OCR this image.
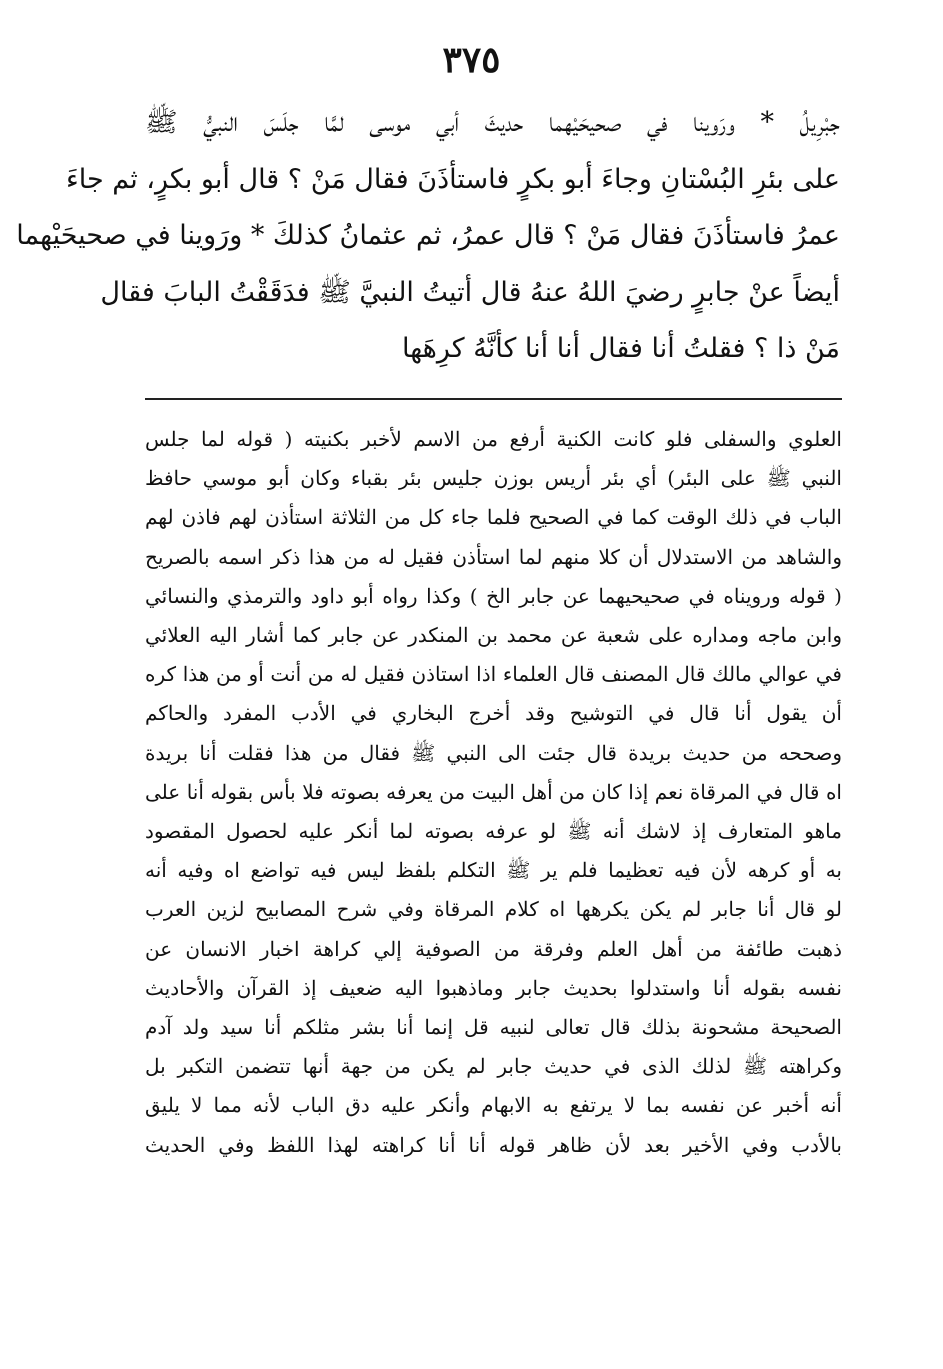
٣٧٥
جبْرِيلُ * ورَوينا في صحيحَيْهما حديثَ أبي موسى لمَّا جلَسَ النبيُّ ﷺ
على بئرِ البُسْتانِ وجاءَ أبو بكرٍ فاستأذَنَ فقال مَنْ ؟ قال أبو بكرٍ، ثم جاءَ
عمرُ فاستأذَنَ فقال مَنْ ؟ قال عمرُ، ثم عثمانُ كذلكَ * ورَوينا في صحيحَيْهما
أيضاً عنْ جابرٍ رضيَ اللهُ عنهُ قال أتيتُ النبيَّ ﷺ فدَقَقْتُ البابَ فقال
مَنْ ذا ؟ فقلتُ أنا فقال أنا أنا كأنَّهُ كرِهَها
العلوي والسفلى فلو كانت الكنية أرفع من الاسم لأخبر بكنيته ( قوله لما جلس
النبي ﷺ على البئر) أي بئر أريس بوزن جليس بئر بقباء وكان أبو موسي حافظ
الباب في ذلك الوقت كما في الصحيح فلما جاء كل من الثلاثة استأذن لهم فاذن لهم
والشاهد من الاستدلال أن كلا منهم لما استأذن فقيل له من هذا ذكر اسمه بالصريح
( قوله ورويناه في صحيحيهما عن جابر الخ ) وكذا رواه أبو داود والترمذي والنسائي
وابن ماجه ومداره على شعبة عن محمد بن المنكدر عن جابر كما أشار اليه العلائي
في عوالي مالك قال المصنف قال العلماء اذا استاذن فقيل له من أنت أو من هذا كره
أن يقول أنا قال في التوشيح وقد أخرج البخاري في الأدب المفرد والحاكم
وصححه من حديث بريدة قال جئت الى النبي ﷺ فقال من هذا فقلت أنا بريدة
اه قال في المرقاة نعم إذا كان من أهل البيت من يعرفه بصوته فلا بأس بقوله أنا على
ماهو المتعارف إذ لاشك أنه ﷺ لو عرفه بصوته لما أنكر عليه لحصول المقصود
به أو كرهه لأن فيه تعظيما فلم ير ﷺ التكلم بلفظ ليس فيه تواضع اه وفيه أنه
لو قال أنا جابر لم يكن يكرهها اه كلام المرقاة وفي شرح المصابيح لزين العرب
ذهبت طائفة من أهل العلم وفرقة من الصوفية إلي كراهة اخبار الانسان عن
نفسه بقوله أنا واستدلوا بحديث جابر وماذهبوا اليه ضعيف إذ القرآن والأحاديث
الصحيحة مشحونة بذلك قال تعالى لنبيه قل إنما أنا بشر مثلكم أنا سيد ولد آدم
وكراهته ﷺ لذلك الذى في حديث جابر لم يكن من جهة أنها تتضمن التكبر بل
أنه أخبر عن نفسه بما لا يرتفع به الابهام وأنكر عليه دق الباب لأنه مما لا يليق
بالأدب وفي الأخير بعد لأن ظاهر قوله أنا أنا كراهته لهذا اللفظ وفي الحديث
